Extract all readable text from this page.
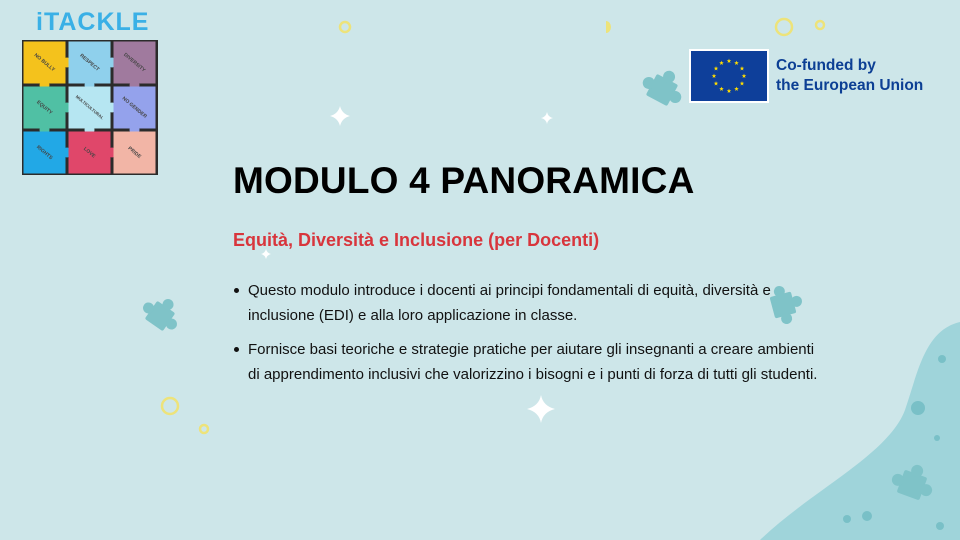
iTACKLE
NO BULLY	RESPECT	DIVERSITY
EQUITY	MULTICULTURAL	NO GENDER
RIGHTS	LOVE	PRIDE
Co-funded by
the European Union
MODULO 4 PANORAMICA
Equità, Diversità e Inclusione (per Docenti)
Questo modulo introduce i docenti ai principi fondamentali di equità, diversità e inclusione (EDI) e alla loro applicazione in classe.
Fornisce basi teoriche e strategie pratiche per aiutare gli insegnanti a creare ambienti di apprendimento inclusivi che valorizzino i bisogni e i punti di forza di tutti gli studenti.
